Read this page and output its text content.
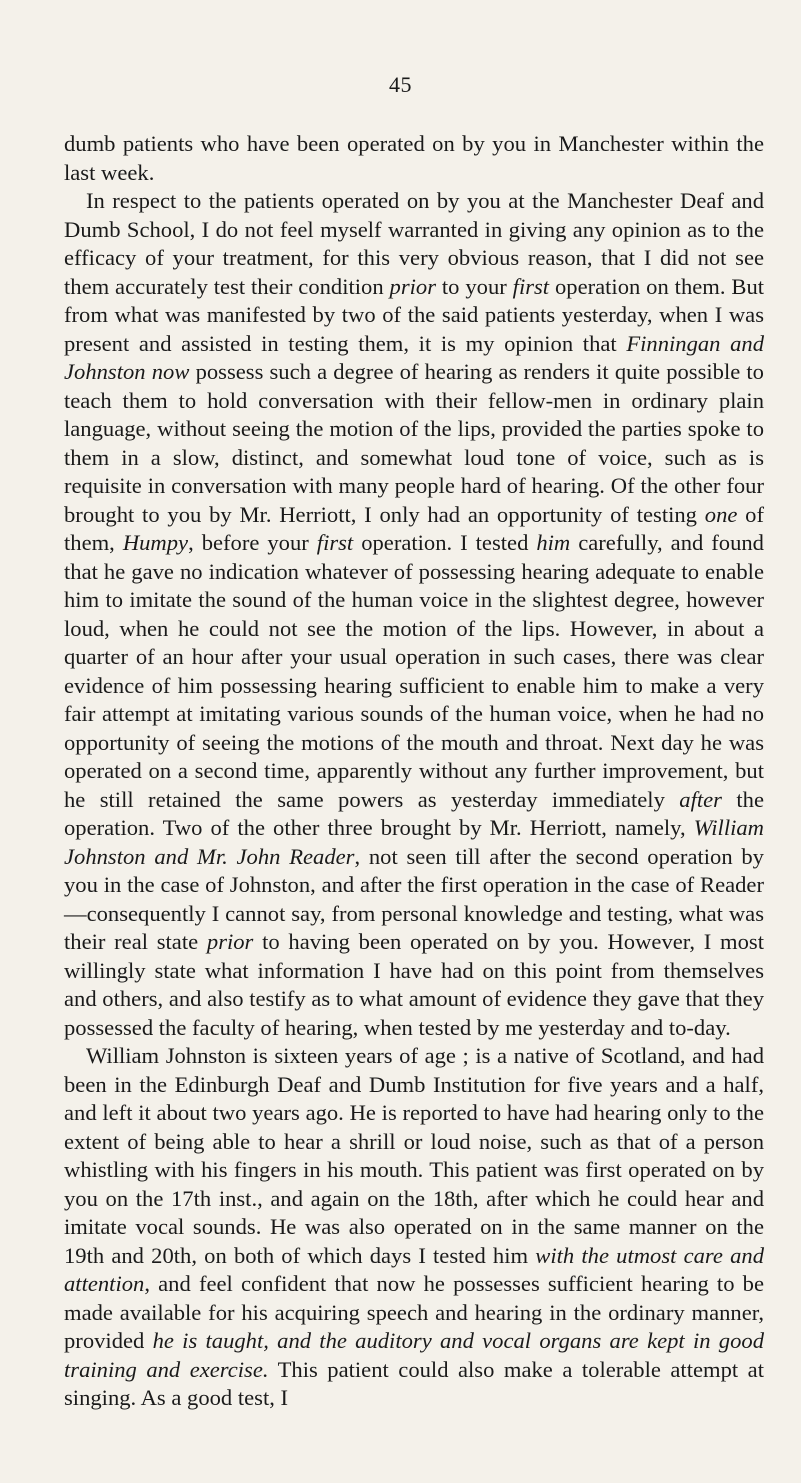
45

dumb patients who have been operated on by you in Manchester within the last week.

In respect to the patients operated on by you at the Manchester Deaf and Dumb School, I do not feel myself warranted in giving any opinion as to the efficacy of your treatment, for this very obvious reason, that I did not see them accurately test their condition prior to your first operation on them. But from what was manifested by two of the said patients yesterday, when I was present and assisted in testing them, it is my opinion that Finningan and Johnston now possess such a degree of hearing as renders it quite possible to teach them to hold conversation with their fellow-men in ordinary plain language, without seeing the motion of the lips, provided the parties spoke to them in a slow, distinct, and somewhat loud tone of voice, such as is requisite in conversation with many people hard of hearing. Of the other four brought to you by Mr. Herriott, I only had an opportunity of testing one of them, Humpy, before your first operation. I tested him carefully, and found that he gave no indication whatever of possessing hearing adequate to enable him to imitate the sound of the human voice in the slightest degree, however loud, when he could not see the motion of the lips. However, in about a quarter of an hour after your usual operation in such cases, there was clear evidence of him possessing hearing sufficient to enable him to make a very fair attempt at imitating various sounds of the human voice, when he had no opportunity of seeing the motions of the mouth and throat. Next day he was operated on a second time, apparently without any further improvement, but he still retained the same powers as yesterday immediately after the operation. Two of the other three brought by Mr. Herriott, namely, William Johnston and Mr. John Reader, not seen till after the second operation by you in the case of Johnston, and after the first operation in the case of Reader—consequently I cannot say, from personal knowledge and testing, what was their real state prior to having been operated on by you. However, I most willingly state what information I have had on this point from themselves and others, and also testify as to what amount of evidence they gave that they possessed the faculty of hearing, when tested by me yesterday and to-day.

William Johnston is sixteen years of age ; is a native of Scotland, and had been in the Edinburgh Deaf and Dumb Institution for five years and a half, and left it about two years ago. He is reported to have had hearing only to the extent of being able to hear a shrill or loud noise, such as that of a person whistling with his fingers in his mouth. This patient was first operated on by you on the 17th inst., and again on the 18th, after which he could hear and imitate vocal sounds. He was also operated on in the same manner on the 19th and 20th, on both of which days I tested him with the utmost care and attention, and feel confident that now he possesses sufficient hearing to be made available for his acquiring speech and hearing in the ordinary manner, provided he is taught, and the auditory and vocal organs are kept in good training and exercise. This patient could also make a tolerable attempt at singing. As a good test, I
